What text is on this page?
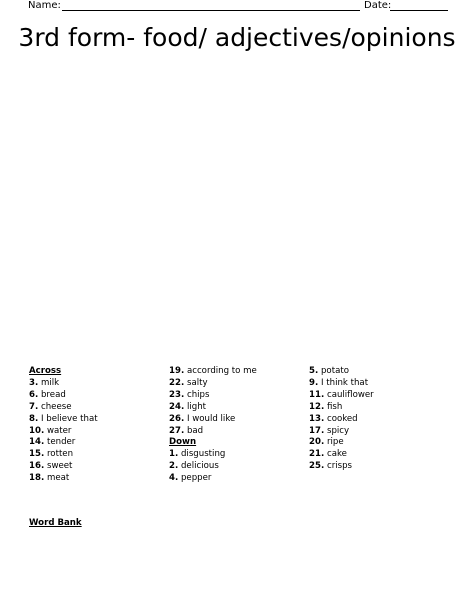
Name:	Date:
3rd form- food/ adjectives/opinions
Across
3. milk
6. bread
7. cheese
8. I believe that
10. water
14. tender
15. rotten
16. sweet
18. meat
19. according to me
22. salty
23. chips
24. light
26. I would like
27. bad
Down
1. disgusting
2. delicious
4. pepper
5. potato
9. I think that
11. cauliflower
12. fish
13. cooked
17. spicy
20. ripe
21. cake
25. crisps
Word Bank
